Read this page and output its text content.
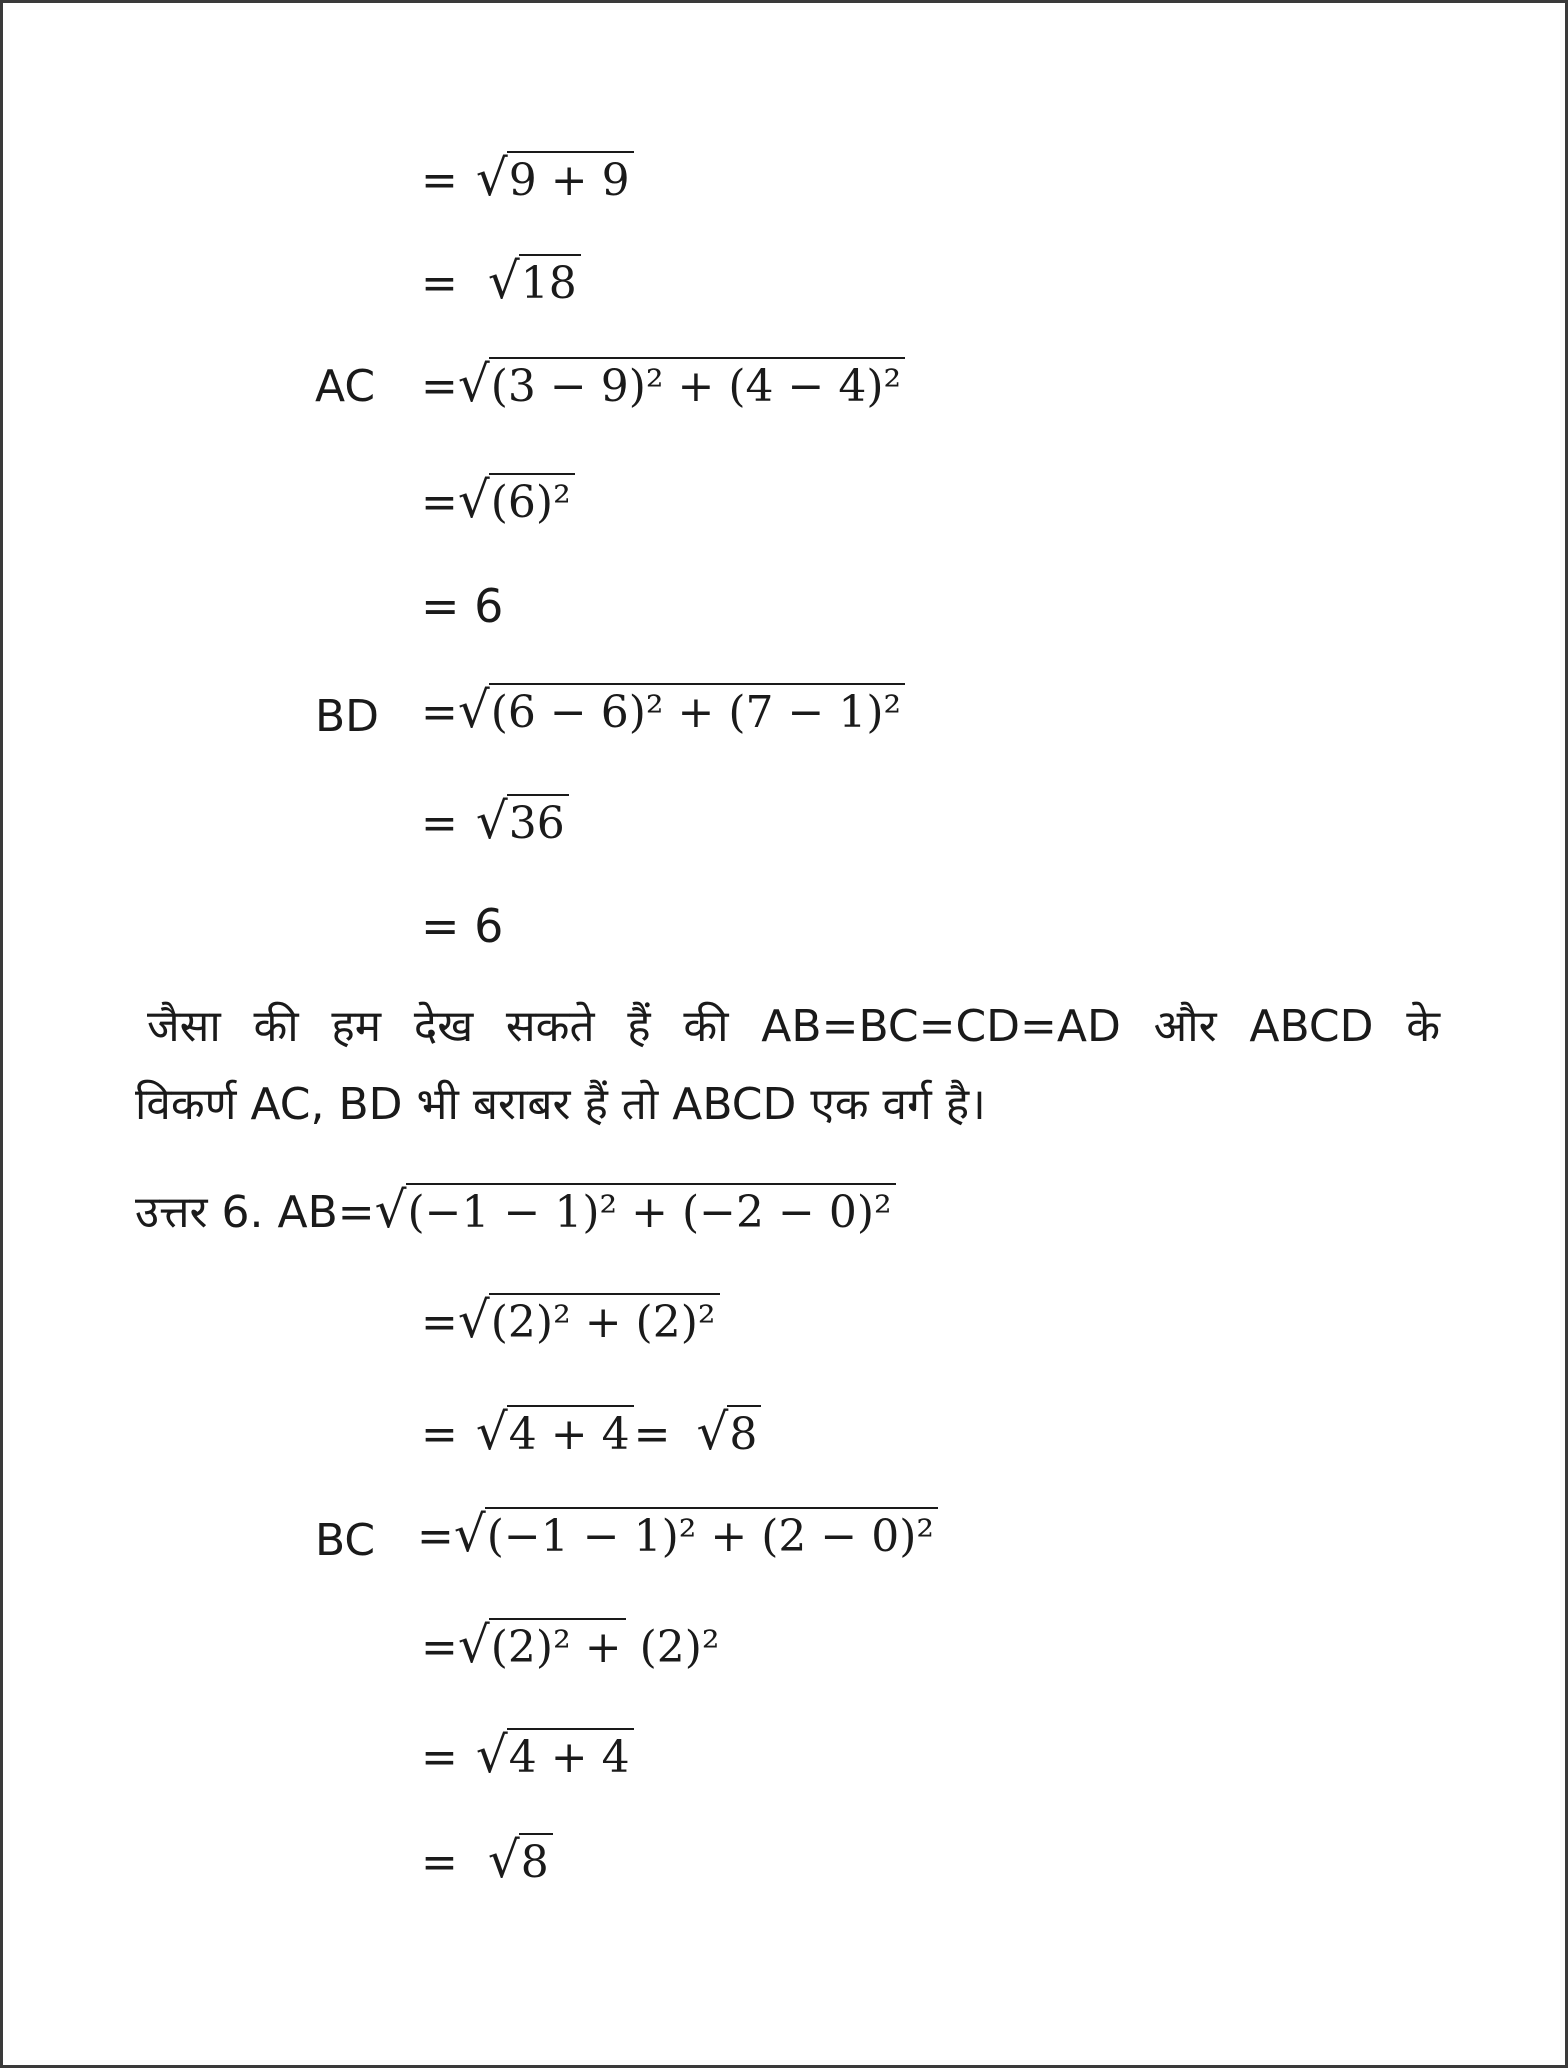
= √ 9 + 9
= √ 18
AC = √ (3 − 9)² + (4 − 4)²
= √ (6)²
= 6
BD = √ (6 − 6)² + (7 − 1)²
= √ 36
= 6
जैसा की हम देख सकते हैं की AB=BC=CD=AD और ABCD के
विकर्ण AC, BD भी बराबर हैं तो ABCD एक वर्ग है।
उत्तर 6. AB= √ (−1 − 1)² + (−2 − 0)²
= √ (2)² + (2)²
= √ 4 + 4 = √ 8
BC = √ (−1 − 1)² + (2 − 0)²
= √ (2)² + (2)²
= √ 4 + 4
= √ 8
